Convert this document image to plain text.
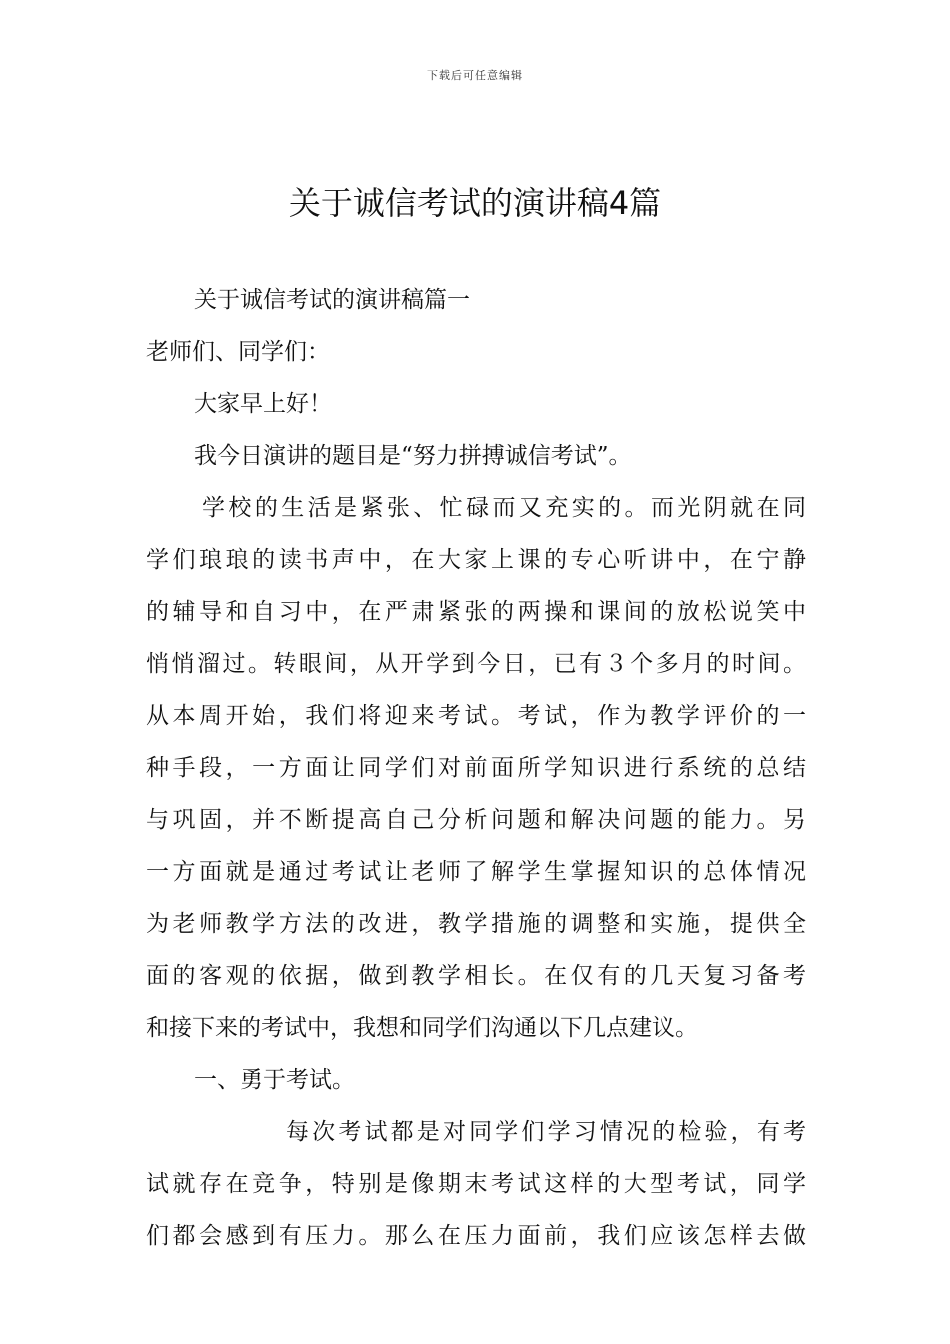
下载后可任意编辑
关于诚信考试的演讲稿4篇
关于诚信考试的演讲稿篇一
老师们、同学们：
大家早上好！
我今日演讲的题目是“努力拼搏诚信考试”。
学校的生活是紧张、忙碌而又充实的。而光阴就在同
学们琅琅的读书声中，在大家上课的专心听讲中，在宁静
的辅导和自习中，在严肃紧张的两操和课间的放松说笑中
悄悄溜过。转眼间，从开学到今日，已有３个多月的时间。
从本周开始，我们将迎来考试。考试，作为教学评价的一
种手段，一方面让同学们对前面所学知识进行系统的总结
与巩固，并不断提高自己分析问题和解决问题的能力。另
一方面就是通过考试让老师了解学生掌握知识的总体情况
为老师教学方法的改进，教学措施的调整和实施，提供全
面的客观的依据，做到教学相长。在仅有的几天复习备考
和接下来的考试中，我想和同学们沟通以下几点建议。
一、勇于考试。
每次考试都是对同学们学习情况的检验，有考
试就存在竞争，特别是像期末考试这样的大型考试，同学
们都会感到有压力。那么在压力面前，我们应该怎样去做
